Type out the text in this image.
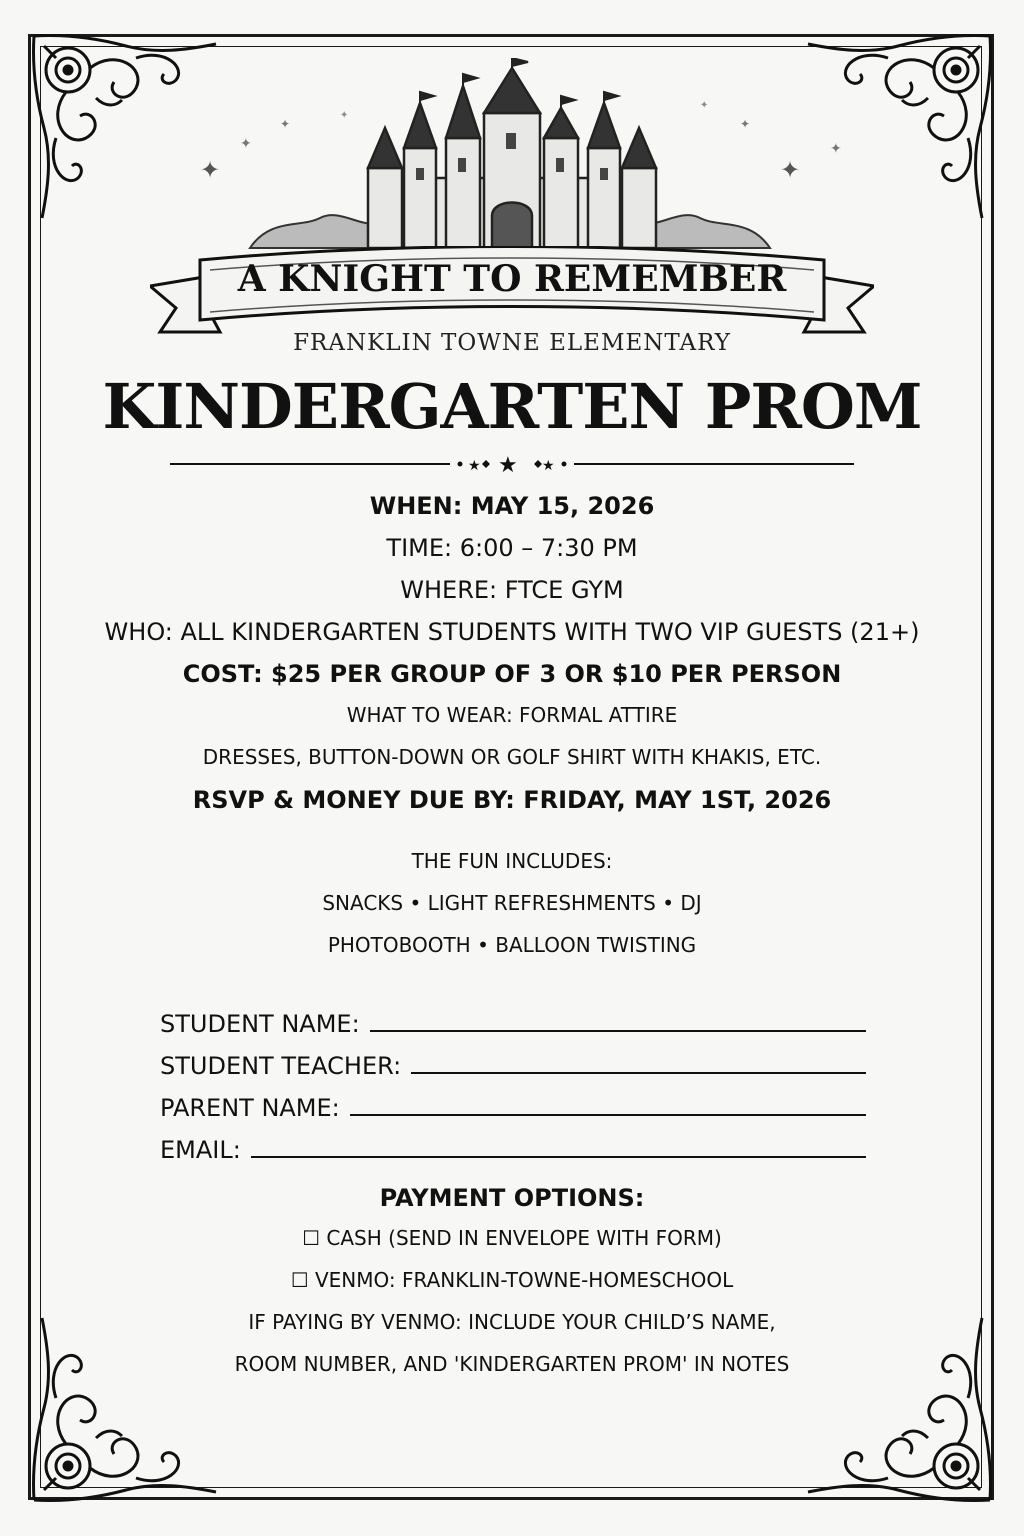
✦
✦
✦
✦
✦
✦
✦
✦
A KNIGHT TO REMEMBER
FRANKLIN TOWNE ELEMENTARY
KINDERGARTEN PROM
★	★
★
WHEN: MAY 15, 2026
TIME: 6:00 – 7:30 PM
WHERE: FTCE GYM
WHO: ALL KINDERGARTEN STUDENTS WITH TWO VIP GUESTS (21+)
COST: $25 PER GROUP OF 3 OR $10 PER PERSON
WHAT TO WEAR: FORMAL ATTIRE
DRESSES, BUTTON-DOWN OR GOLF SHIRT WITH KHAKIS, ETC.
RSVP & MONEY DUE BY: FRIDAY, MAY 1ST, 2026
THE FUN INCLUDES:
SNACKS • LIGHT REFRESHMENTS • DJ
PHOTOBOOTH • BALLOON TWISTING
STUDENT NAME:
STUDENT TEACHER:
PARENT NAME:
EMAIL:
PAYMENT OPTIONS:
☐ CASH (SEND IN ENVELOPE WITH FORM)
☐ VENMO: FRANKLIN-TOWNE-HOMESCHOOL
IF PAYING BY VENMO: INCLUDE YOUR CHILD’S NAME,
ROOM NUMBER, AND 'KINDERGARTEN PROM' IN NOTES
